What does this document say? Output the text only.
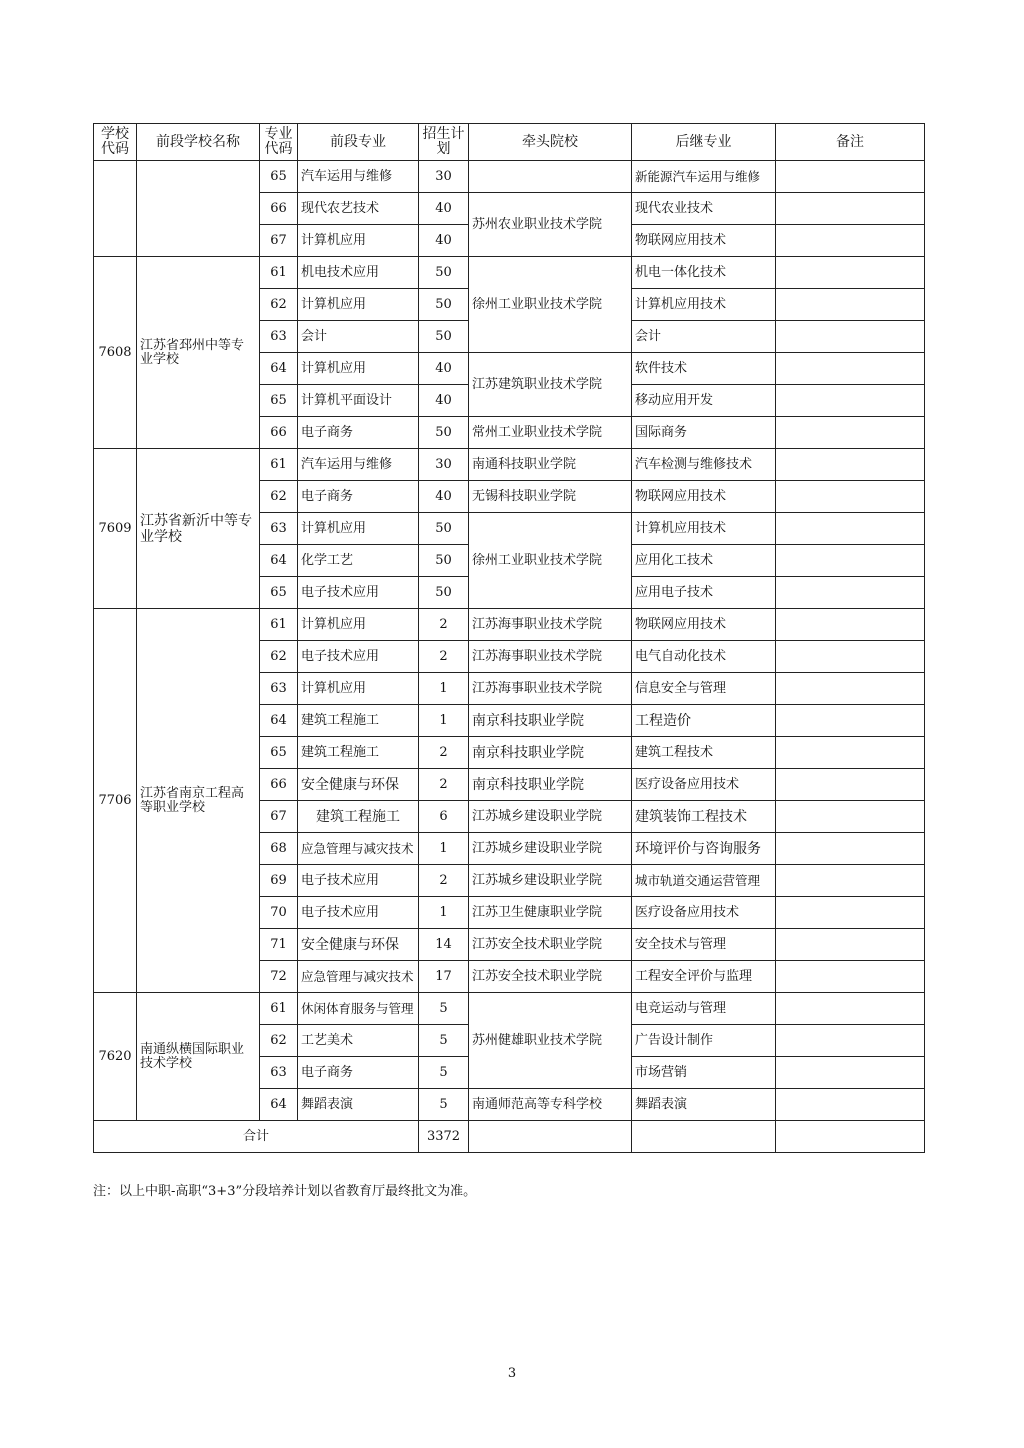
学校代码	前段学校名称	专业代码	前段专业	招生计划	牵头院校	后继专业	备注
		65	汽车运用与维修	30		新能源汽车运用与维修	
		66	现代农艺技术	40	苏州农业职业技术学院	现代农业技术	
		67	计算机应用	40		物联网应用技术	
7608	江苏省邳州中等专业学校	61	机电技术应用	50	徐州工业职业技术学院	机电一体化技术	
		62	计算机应用	50		计算机应用技术	
		63	会计	50		会计	
		64	计算机应用	40	江苏建筑职业技术学院	软件技术	
		65	计算机平面设计	40		移动应用开发	
		66	电子商务	50	常州工业职业技术学院	国际商务	
7609	江苏省新沂中等专业学校	61	汽车运用与维修	30	南通科技职业学院	汽车检测与维修技术	
		62	电子商务	40	无锡科技职业学院	物联网应用技术	
		63	计算机应用	50	徐州工业职业技术学院	计算机应用技术	
		64	化学工艺	50		应用化工技术	
		65	电子技术应用	50		应用电子技术	
7706	江苏省南京工程高等职业学校	61	计算机应用	2	江苏海事职业技术学院	物联网应用技术	
		62	电子技术应用	2	江苏海事职业技术学院	电气自动化技术	
		63	计算机应用	1	江苏海事职业技术学院	信息安全与管理	
		64	建筑工程施工	1	南京科技职业学院	工程造价	
		65	建筑工程施工	2	南京科技职业学院	建筑工程技术	
		66	安全健康与环保	2	南京科技职业学院	医疗设备应用技术	
		67	建筑工程施工	6	江苏城乡建设职业学院	建筑装饰工程技术	
		68	应急管理与减灾技术	1	江苏城乡建设职业学院	环境评价与咨询服务	
		69	电子技术应用	2	江苏城乡建设职业学院	城市轨道交通运营管理	
		70	电子技术应用	1	江苏卫生健康职业学院	医疗设备应用技术	
		71	安全健康与环保	14	江苏安全技术职业学院	安全技术与管理	
		72	应急管理与减灾技术	17	江苏安全技术职业学院	工程安全评价与监理	
7620	南通纵横国际职业技术学校	61	休闲体育服务与管理	5	苏州健雄职业技术学院	电竞运动与管理	
		62	工艺美术	5		广告设计制作	
		63	电子商务	5		市场营销	
		64	舞蹈表演	5	南通师范高等专科学校	舞蹈表演	
合计				3372			
注：以上中职-高职“3+3”分段培养计划以省教育厅最终批文为准。
3
